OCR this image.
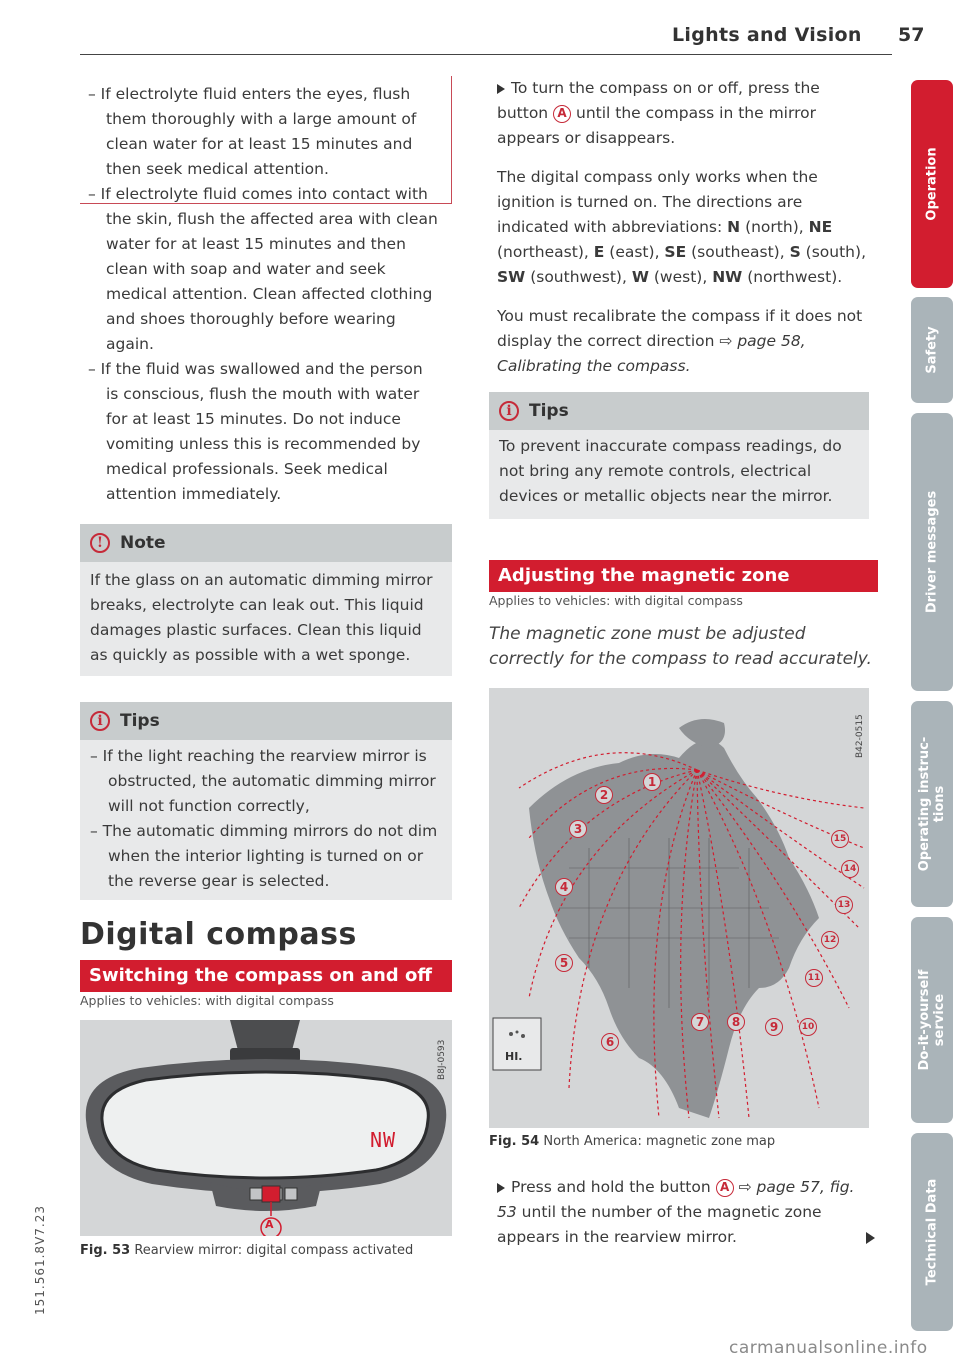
Lights and Vision 57
151.561.8V7.23
Operation
Safety
Driver messages
Operating instruc-
tions
Do-it-yourself
service
Technical Data
– If electrolyte fluid enters the eyes, flush them thoroughly with a large amount of clean water for at least 15 minutes and then seek medical attention.
– If electrolyte fluid comes into contact with the skin, flush the affected area with clean water for at least 15 minutes and then clean with soap and water and seek medical attention. Clean affected clothing and shoes thoroughly before wearing again.
– If the fluid was swallowed and the person is conscious, flush the mouth with water for at least 15 minutes. Do not induce vomiting unless this is recommended by medical professionals. Seek medical attention immediately.
! Note

If the glass on an automatic dimming mirror breaks, electrolyte can leak out. This liquid damages plastic surfaces. Clean this liquid as quickly as possible with a wet sponge.

i	Tips
– If the light reaching the rearview mirror is obstructed, the automatic dimming mirror will not function correctly,
– The automatic dimming mirrors do not dim when the interior lighting is turned on or the reverse gear is selected.
Digital compass
Switching the compass on and off
Applies to vehicles: with digital compass
NW
A
B8J-0593
Fig. 53 Rearview mirror: digital compass activated
To turn the compass on or off, press the button A until the compass in the mirror appears or disappears.
The digital compass only works when the ignition is turned on. The directions are indicated with abbreviations: N (north), NE (northeast), E (east), SE (southeast), S (south), SW (southwest), W (west), NW (northwest).
You must recalibrate the compass if it does not display the correct direction ⇨ page 58, Calibrating the compass.
i	Tips

To prevent inaccurate compass readings, do not bring any remote controls, electrical devices or metallic objects near the mirror.

Adjusting the magnetic zone
Applies to vehicles: with digital compass
The magnetic zone must be adjusted correctly for the compass to read accurately.
HI.
B42-0515
1
2
3
4
5
6
7	8	9	10
11
12
13
14
15
Fig. 54 North America: magnetic zone map
Press and hold the button A ⇨ page 57, fig. 53 until the number of the magnetic zone appears in the rearview mirror.
carmanualsonline.info
